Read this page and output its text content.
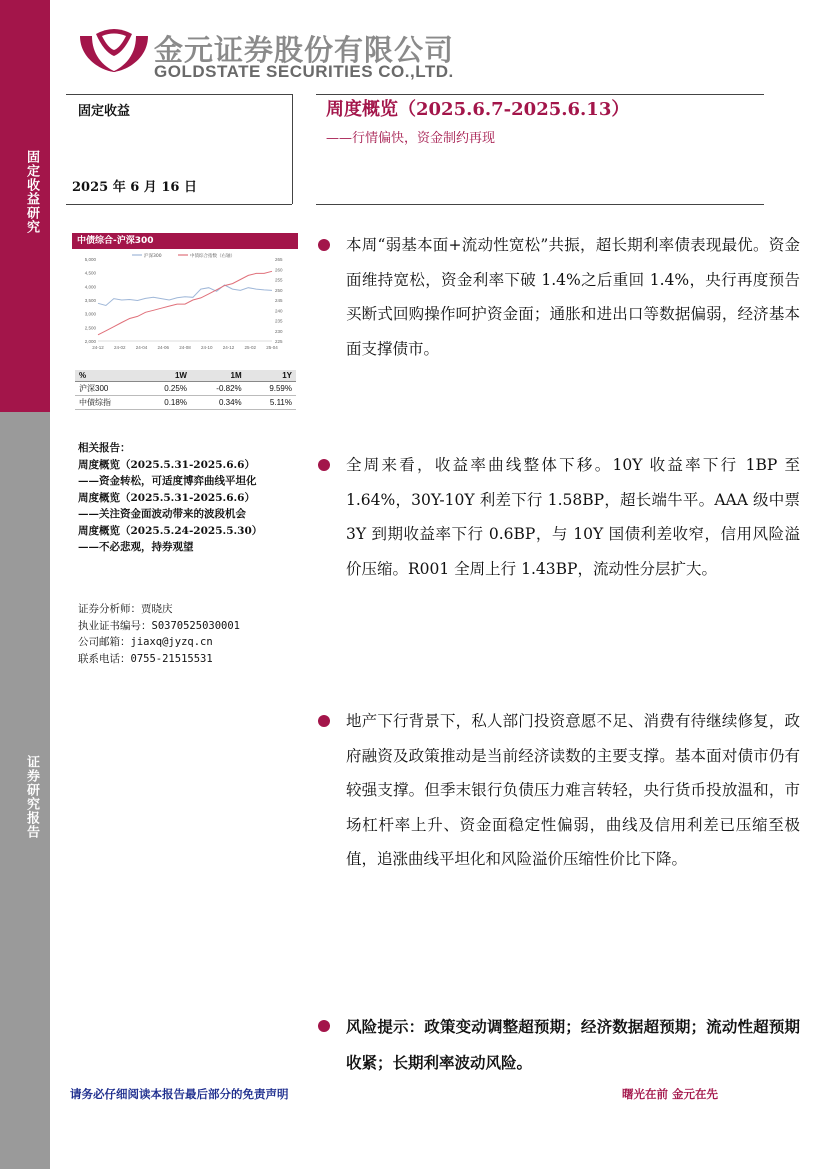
固定收益研究
证券研究报告
金元证券股份有限公司
GOLDSTATE SECURITIES CO.,LTD.
固定收益
2025 年 6 月 16 日
周度概览（2025.6.7-2025.6.13）
——行情偏快，资金制约再现
中债综合-沪深300
5,000
4,500
4,000
3,500
3,000
2,500
2,000
265
260
255
250
245
240
235
230
225
24-12 24-02 24-04 24-06 24-08 24-10 24-12 25-02 25-04
沪深300	中债综合指数（右轴）
%	1W	1M	1Y
沪深300	0.25%	-0.82%	9.59%
中债综指	0.18%	0.34%	5.11%
相关报告：
周度概览（2025.5.31-2025.6.6）
——资金转松，可适度博弈曲线平坦化
周度概览（2025.5.31-2025.6.6）
——关注资金面波动带来的波段机会
周度概览（2025.5.24-2025.5.30）
——不必悲观，持券观望
证券分析师：贾晓庆
执业证书编号：S0370525030001
公司邮箱：jiaxq@jyzq.cn
联系电话：0755-21515531
本周“弱基本面+流动性宽松”共振，超长期利率债表现最优。资金面维持宽松，资金利率下破 1.4%之后重回 1.4%，央行再度预告买断式回购操作呵护资金面；通胀和进出口等数据偏弱，经济基本面支撑债市。
全周来看，收益率曲线整体下移。10Y 收益率下行 1BP 至 1.64%，30Y-10Y 利差下行 1.58BP，超长端牛平。AAA 级中票 3Y 到期收益率下行 0.6BP，与 10Y 国债利差收窄，信用风险溢价压缩。R001 全周上行 1.43BP，流动性分层扩大。
地产下行背景下，私人部门投资意愿不足、消费有待继续修复，政府融资及政策推动是当前经济读数的主要支撑。基本面对债市仍有较强支撑。但季末银行负债压力难言转轻，央行货币投放温和，市场杠杆率上升、资金面稳定性偏弱，曲线及信用利差已压缩至极值，追涨曲线平坦化和风险溢价压缩性价比下降。
风险提示：政策变动调整超预期；经济数据超预期；流动性超预期收紧；长期利率波动风险。
请务必仔细阅读本报告最后部分的免责声明	曙光在前 金元在先
